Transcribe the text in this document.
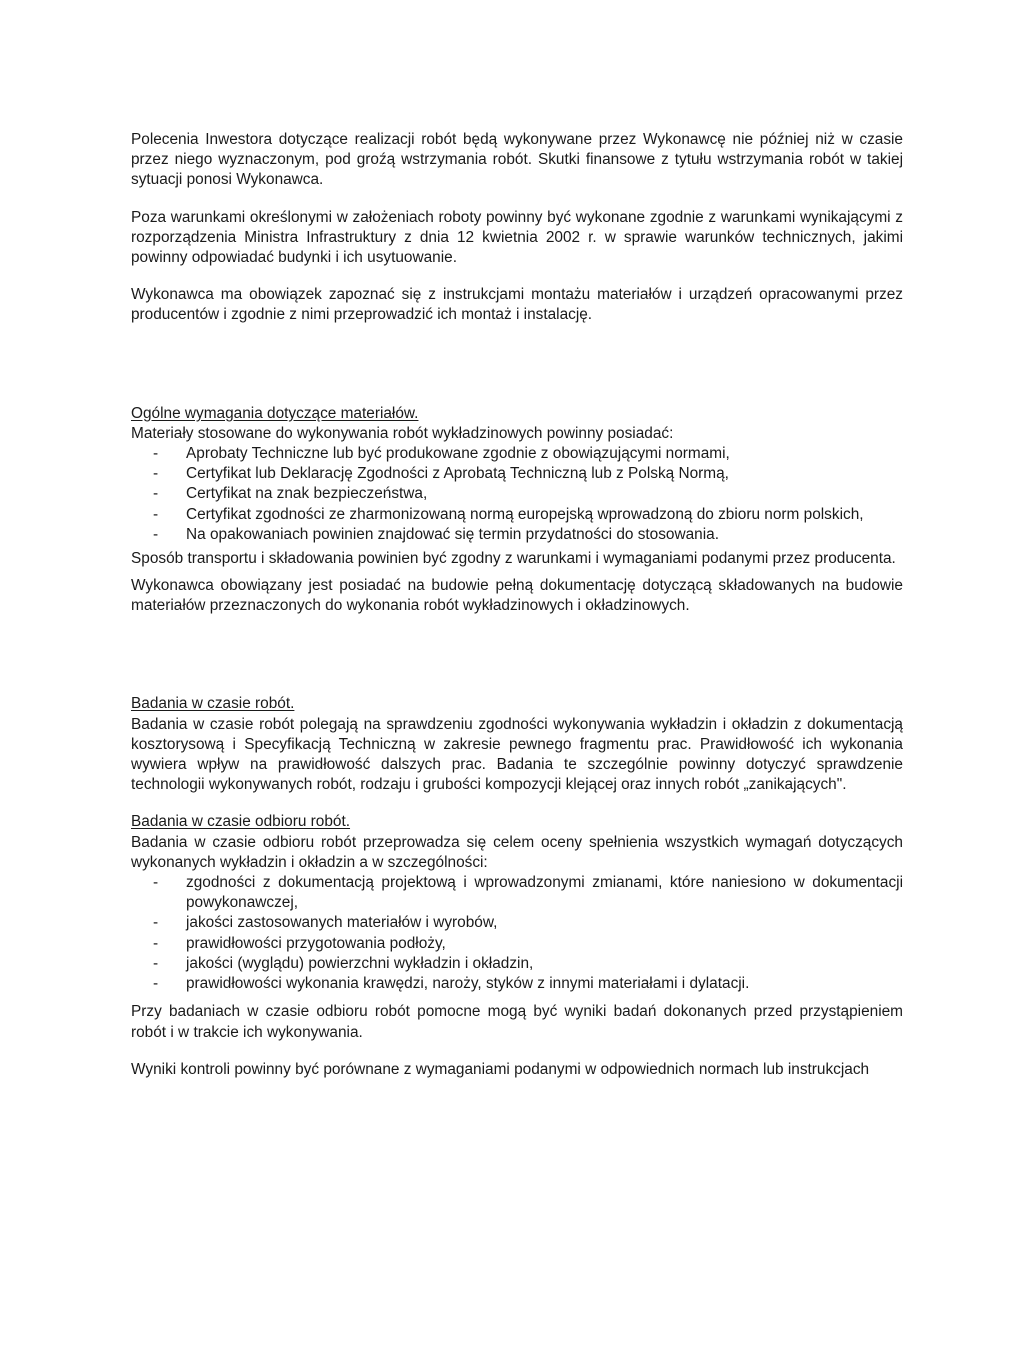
Polecenia Inwestora dotyczące realizacji robót będą wykonywane przez Wykonawcę nie później niż w czasie przez niego wyznaczonym, pod groźą wstrzymania robót. Skutki finansowe z tytułu wstrzymania robót w takiej sytuacji ponosi Wykonawca.

Poza warunkami określonymi w założeniach roboty powinny być wykonane zgodnie z warunkami wynikającymi z rozporządzenia Ministra Infrastruktury z dnia 12 kwietnia 2002 r. w sprawie warunków technicznych, jakimi powinny odpowiadać budynki i ich usytuowanie.

Wykonawca ma obowiązek zapoznać się z instrukcjami montażu materiałów i urządzeń opracowanymi przez producentów i zgodnie z nimi przeprowadzić ich montaż i instalację.

Ogólne wymagania dotyczące materiałów.

Materiały stosowane do wykonywania robót wykładzinowych powinny posiadać:

- Aprobaty Techniczne lub być produkowane zgodnie z obowiązującymi normami,
- Certyfikat lub Deklarację Zgodności z Aprobatą Techniczną lub z Polską Normą,
- Certyfikat na znak bezpieczeństwa,
- Certyfikat zgodności ze zharmonizowaną normą europejską wprowadzoną do zbioru norm polskich,
- Na opakowaniach powinien znajdować się termin przydatności do stosowania.

Sposób transportu i składowania powinien być zgodny z warunkami i wymaganiami podanymi przez producenta.

Wykonawca obowiązany jest posiadać na budowie pełną dokumentację dotyczącą składowanych na budowie materiałów przeznaczonych do wykonania robót wykładzinowych i okładzinowych.

Badania w czasie robót.

Badania w czasie robót polegają na sprawdzeniu zgodności wykonywania wykładzin i okładzin z dokumentacją kosztorysową i Specyfikacją Techniczną w zakresie pewnego fragmentu prac. Prawidłowość ich wykonania wywiera wpływ na prawidłowość dalszych prac. Badania te szczególnie powinny dotyczyć sprawdzenie technologii wykonywanych robót, rodzaju i grubości kompozycji klejącej oraz innych robót „zanikających".

Badania w czasie odbioru robót.

Badania w czasie odbioru robót przeprowadza się celem oceny spełnienia wszystkich wymagań dotyczących wykonanych wykładzin i okładzin a w szczególności:

- zgodności z dokumentacją projektową i wprowadzonymi zmianami, które naniesiono w dokumentacji powykonawczej,
- jakości zastosowanych materiałów i wyrobów,
- prawidłowości przygotowania podłoży,
- jakości (wyglądu) powierzchni wykładzin i okładzin,
- prawidłowości wykonania krawędzi, naroży, styków z innymi materiałami i dylatacji.

Przy badaniach w czasie odbioru robót pomocne mogą być wyniki badań dokonanych przed przystąpieniem robót i w trakcie ich wykonywania.

Wyniki kontroli powinny być porównane z wymaganiami podanymi w odpowiednich normach lub instrukcjach
